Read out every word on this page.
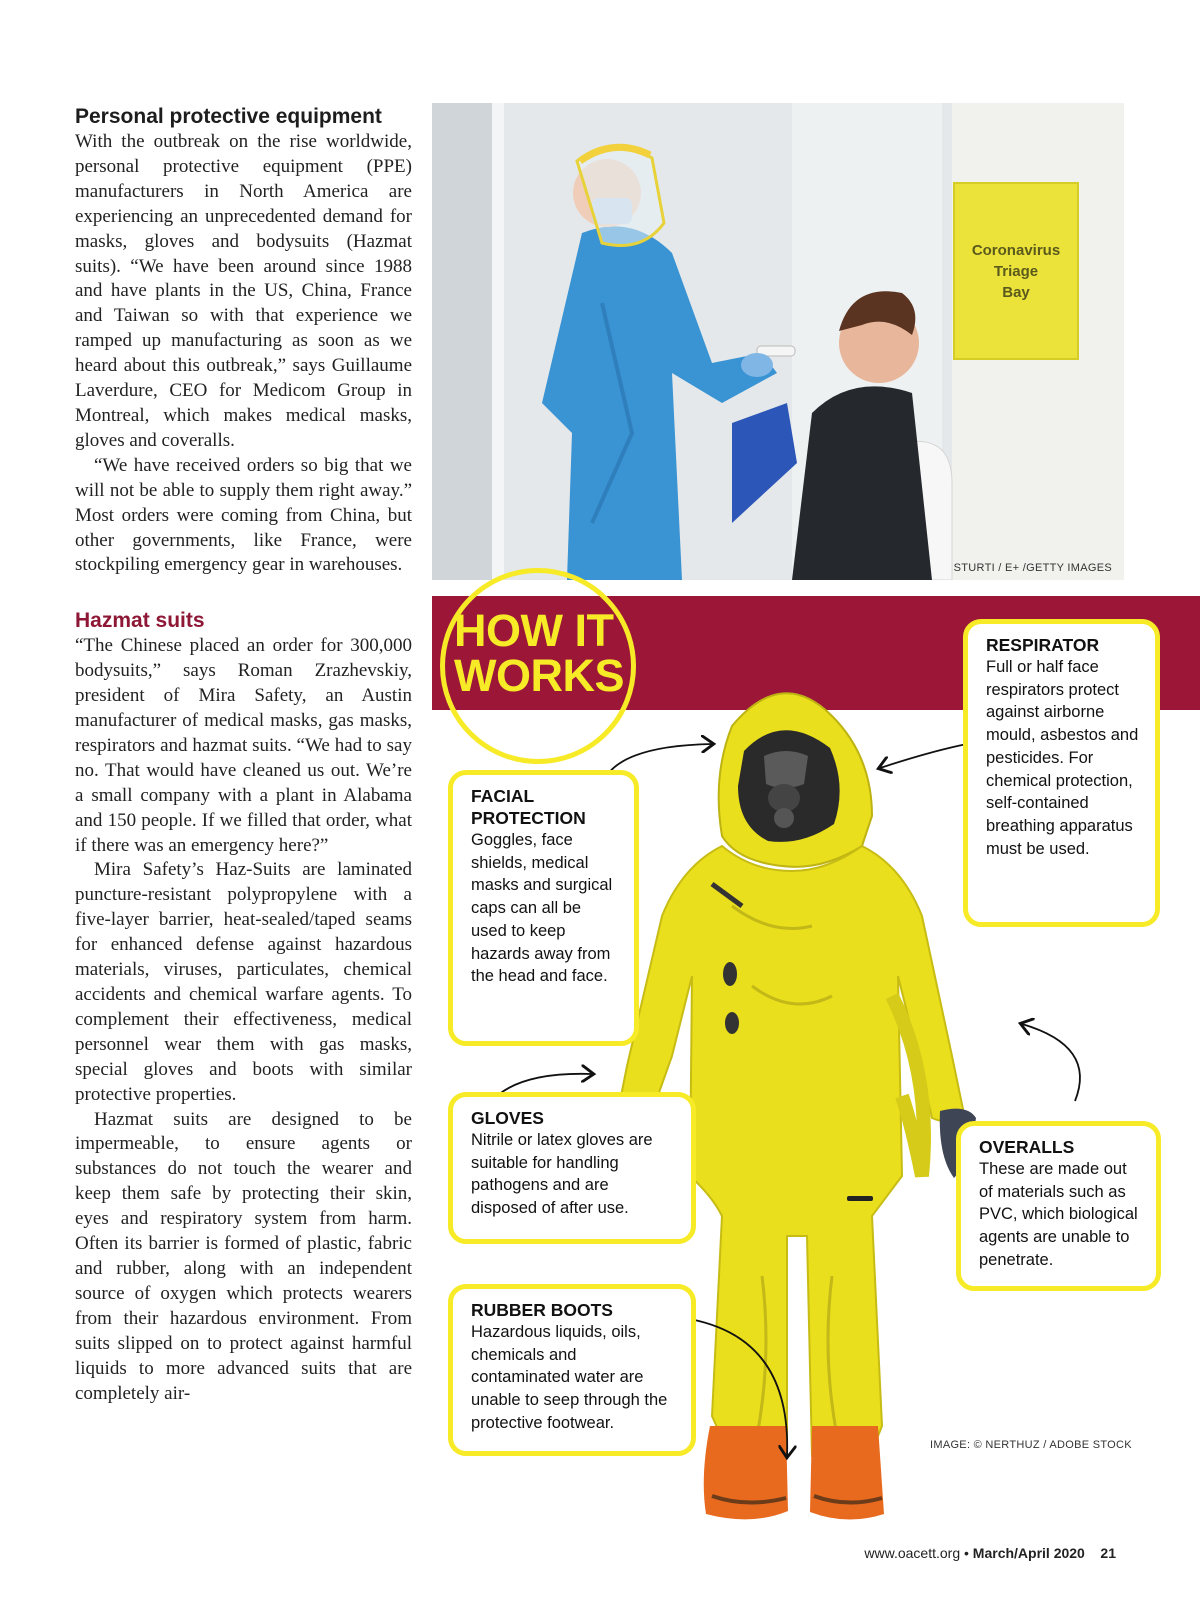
Personal protective equipment

With the outbreak on the rise worldwide, personal protective equipment (PPE) manufacturers in North America are experiencing an unprecedented demand for masks, gloves and bodysuits (Hazmat suits). “We have been around since 1988 and have plants in the US, China, France and Taiwan so with that experience we ramped up manufacturing as soon as we heard about this outbreak,” says Guillaume Laverdure, CEO for Medicom Group in Montreal, which makes medical masks, gloves and coveralls.

“We have received orders so big that we will not be able to supply them right away.” Most orders were coming from China, but other governments, like France, were stockpiling emergency gear in warehouses.

Hazmat suits

“The Chinese placed an order for 300,000 bodysuits,” says Roman Zrazhevskiy, president of Mira Safety, an Austin manufacturer of medical masks, gas masks, respirators and hazmat suits. “We had to say no. That would have cleaned us out. We’re a small company with a plant in Alabama and 150 people. If we filled that order, what if there was an emergency here?”

Mira Safety’s Haz-Suits are laminated puncture-resistant polypropylene with a five-layer barrier, heat-sealed/taped seams for enhanced defense against hazardous materials, viruses, particulates, chemical accidents and chemical warfare agents. To complement their effectiveness, medical personnel wear them with gas masks, special gloves and boots with similar protective properties.

Hazmat suits are designed to be impermeable, to ensure agents or substances do not touch the wearer and keep them safe by protecting their skin, eyes and respiratory system from harm. Often its barrier is formed of plastic, fabric and rubber, along with an independent source of oxygen which protects wearers from their hazardous environment. From suits slipped on to protect against harmful liquids to more advanced suits that are completely air-

Coronavirus
Triage
Bay
STURTI / E+ /GETTY IMAGES
HOW IT
WORKS
RESPIRATOR

Full or half face respirators protect against airborne mould, asbestos and pesticides. For chemical protection, self-contained breathing apparatus must be used.

FACIAL
PROTECTION

Goggles, face shields, medical masks and surgical caps can all be used to keep hazards away from the head and face.

GLOVES

Nitrile or latex gloves are suitable for handling pathogens and are disposed of after use.

RUBBER BOOTS

Hazardous liquids, oils, chemicals and contaminated water are unable to seep through the protective footwear.

OVERALLS

These are made out of materials such as PVC, which biological agents are unable to penetrate.

IMAGE: © NERTHUZ / ADOBE STOCK
www.oacett.org • March/April 2020 21
